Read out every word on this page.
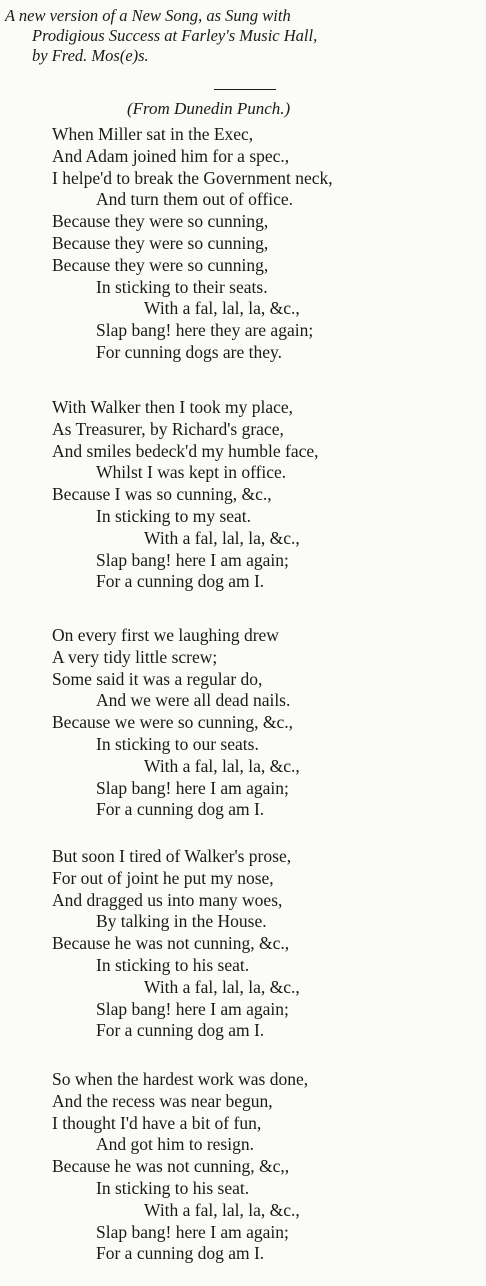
A new version of a New Song, as Sung with
Prodigious Success at Farley's Music Hall,
by Fred. Mos(e)s.
(From Dunedin Punch.)
When Miller sat in the Exec,
And Adam joined him for a spec.,
I helpe'd to break the Government neck,
And turn them out of office.
Because they were so cunning,
Because they were so cunning,
Because they were so cunning,
In sticking to their seats.
With a fal, lal, la, &c.,
Slap bang! here they are again;
For cunning dogs are they.
With Walker then I took my place,
As Treasurer, by Richard's grace,
And smiles bedeck'd my humble face,
Whilst I was kept in office.
Because I was so cunning, &c.,
In sticking to my seat.
With a fal, lal, la, &c.,
Slap bang! here I am again;
For a cunning dog am I.
On every first we laughing drew
A very tidy little screw;
Some said it was a regular do,
And we were all dead nails.
Because we were so cunning, &c.,
In sticking to our seats.
With a fal, lal, la, &c.,
Slap bang! here I am again;
For a cunning dog am I.
But soon I tired of Walker's prose,
For out of joint he put my nose,
And dragged us into many woes,
By talking in the House.
Because he was not cunning, &c.,
In sticking to his seat.
With a fal, lal, la, &c.,
Slap bang! here I am again;
For a cunning dog am I.
So when the hardest work was done,
And the recess was near begun,
I thought I'd have a bit of fun,
And got him to resign.
Because he was not cunning, &c,,
In sticking to his seat.
With a fal, lal, la, &c.,
Slap bang! here I am again;
For a cunning dog am I.
